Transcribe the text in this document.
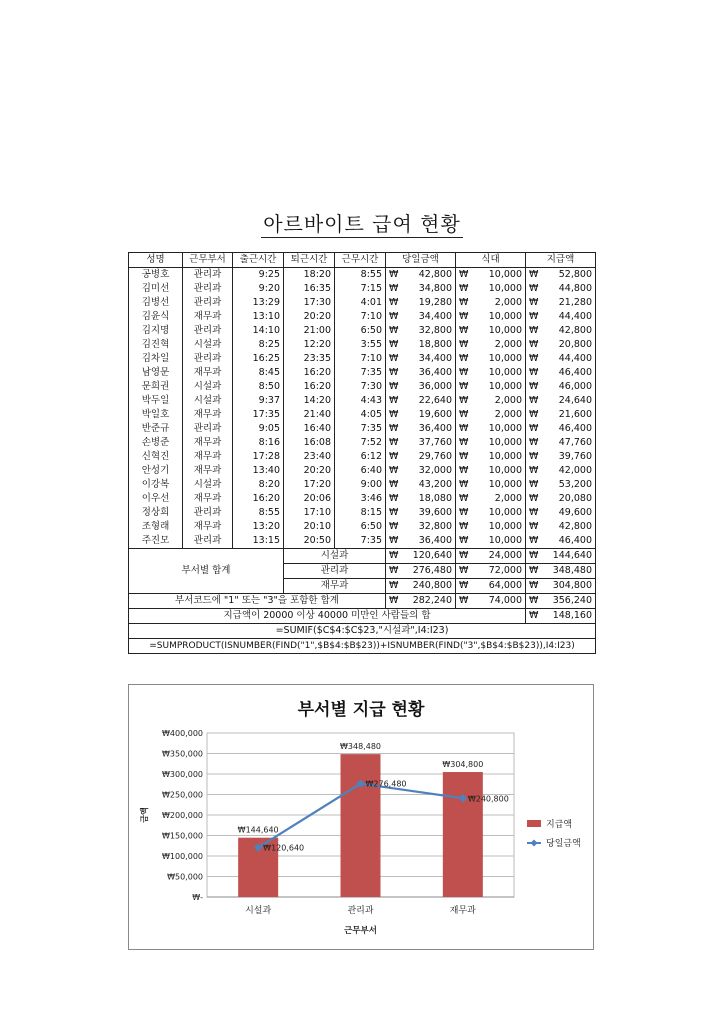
아르바이트 급여 현황
성명	근무부서	출근시간	퇴근시간	근무시간	당일금액	식대	지급액
공병호	관리과	9:25	18:20	8:55	₩ 42,800	₩ 10,000	₩ 52,800

김미선	관리과	9:20	16:35	7:15	₩ 34,800	₩ 10,000	₩ 44,800

김병선	관리과	13:29	17:30	4:01	₩ 19,280	₩ 2,000	₩ 21,280

김윤식	재무과	13:10	20:20	7:10	₩ 34,400	₩ 10,000	₩ 44,400

김지명	관리과	14:10	21:00	6:50	₩ 32,800	₩ 10,000	₩ 42,800

김진혁	시설과	8:25	12:20	3:55	₩ 18,800	₩ 2,000	₩ 20,800

김차일	관리과	16:25	23:35	7:10	₩ 34,400	₩ 10,000	₩ 44,400

남영문	재무과	8:45	16:20	7:35	₩ 36,400	₩ 10,000	₩ 46,400

문희권	시설과	8:50	16:20	7:30	₩ 36,000	₩ 10,000	₩ 46,000

박두일	시설과	9:37	14:20	4:43	₩ 22,640	₩ 2,000	₩ 24,640

박일호	재무과	17:35	21:40	4:05	₩ 19,600	₩ 2,000	₩ 21,600

반준규	관리과	9:05	16:40	7:35	₩ 36,400	₩ 10,000	₩ 46,400

손병준	재무과	8:16	16:08	7:52	₩ 37,760	₩ 10,000	₩ 47,760

신혁진	재무과	17:28	23:40	6:12	₩ 29,760	₩ 10,000	₩ 39,760

안성기	재무과	13:40	20:20	6:40	₩ 32,000	₩ 10,000	₩ 42,000

이강복	시설과	8:20	17:20	9:00	₩ 43,200	₩ 10,000	₩ 53,200

이우선	재무과	16:20	20:06	3:46	₩ 18,080	₩ 2,000	₩ 20,080

정상희	관리과	8:55	17:10	8:15	₩ 39,600	₩ 10,000	₩ 49,600

조형래	재무과	13:20	20:10	6:50	₩ 32,800	₩ 10,000	₩ 42,800

주진모	관리과	13:15	20:50	7:35	₩ 36,400	₩ 10,000	₩ 46,400

부서별 합계			시설과		₩ 120,640	₩ 24,000	₩ 144,640

			관리과		₩ 276,480	₩ 72,000	₩ 348,480

			재무과		₩ 240,800	₩ 64,000	₩ 304,800

부서코드에 "1" 또는 "3"을 포함한 합계					₩ 282,240	₩ 74,000	₩ 356,240

지급액이 20000 이상 40000 미만인 사람들의 합							₩ 148,160

=SUMIF($C$4:$C$23,"시설과",I4:I23)							
=SUMPRODUCT(ISNUMBER(FIND("1",$B$4:$B$23))+ISNUMBER(FIND("3",$B$4:$B$23)),I4:I23)							
부서별 지급 현황
₩-
₩50,000
₩100,000
₩150,000
₩200,000
₩250,000
₩300,000
₩350,000
₩400,000
금액
₩144,640
₩348,480
₩304,800
₩120,640
₩276,480
₩240,800
시설과	관리과	재무과
근무부서
지급액
당일금액
